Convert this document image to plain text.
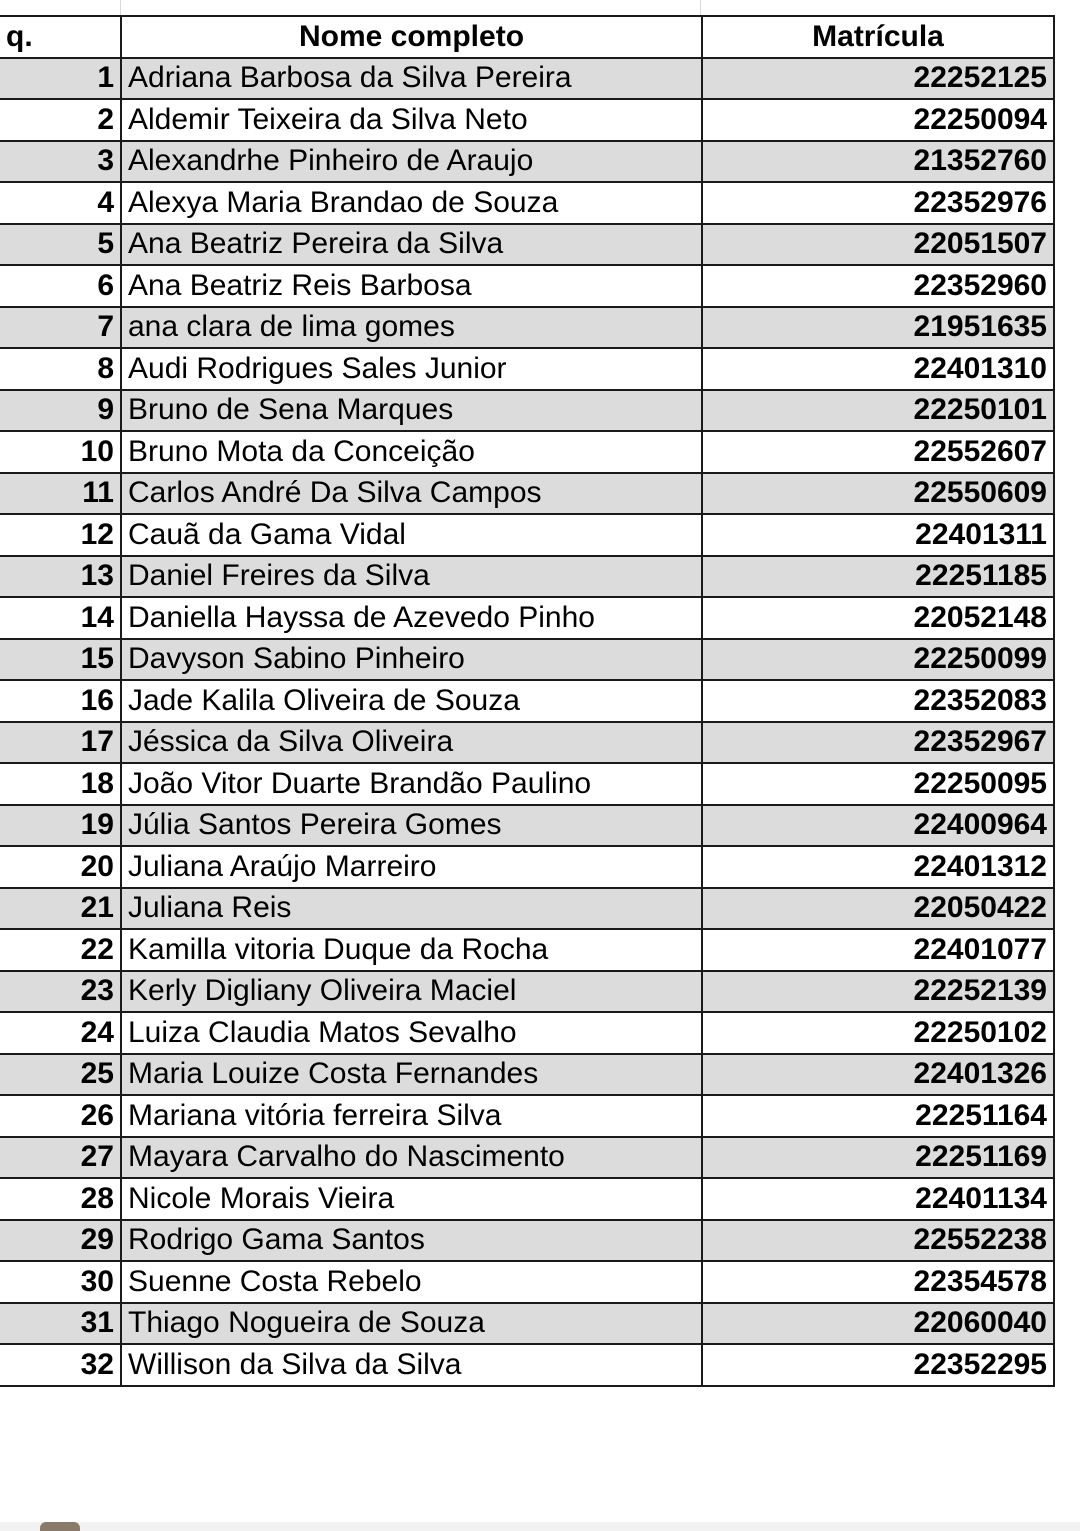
q.	Nome completo	Matrícula
1	Adriana Barbosa da Silva Pereira	22252125
2	Aldemir Teixeira da Silva Neto	22250094
3	Alexandrhe Pinheiro de Araujo	21352760
4	Alexya Maria Brandao de Souza	22352976
5	Ana Beatriz Pereira da Silva	22051507
6	Ana Beatriz Reis Barbosa	22352960
7	ana clara de lima gomes	21951635
8	Audi Rodrigues Sales Junior	22401310
9	Bruno de Sena Marques	22250101
10	Bruno Mota da Conceição	22552607
11	Carlos André Da Silva Campos	22550609
12	Cauã da Gama Vidal	22401311
13	Daniel Freires da Silva	22251185
14	Daniella Hayssa de Azevedo Pinho	22052148
15	Davyson Sabino Pinheiro	22250099
16	Jade Kalila Oliveira de Souza	22352083
17	Jéssica da Silva Oliveira	22352967
18	João Vitor Duarte Brandão Paulino	22250095
19	Júlia Santos Pereira Gomes	22400964
20	Juliana Araújo Marreiro	22401312
21	Juliana Reis	22050422
22	Kamilla vitoria Duque da Rocha	22401077
23	Kerly Digliany Oliveira Maciel	22252139
24	Luiza Claudia Matos Sevalho	22250102
25	Maria Louize Costa Fernandes	22401326
26	Mariana vitória ferreira Silva	22251164
27	Mayara Carvalho do Nascimento	22251169
28	Nicole Morais Vieira	22401134
29	Rodrigo Gama Santos	22552238
30	Suenne Costa Rebelo	22354578
31	Thiago Nogueira de Souza	22060040
32	Willison da Silva da Silva	22352295
